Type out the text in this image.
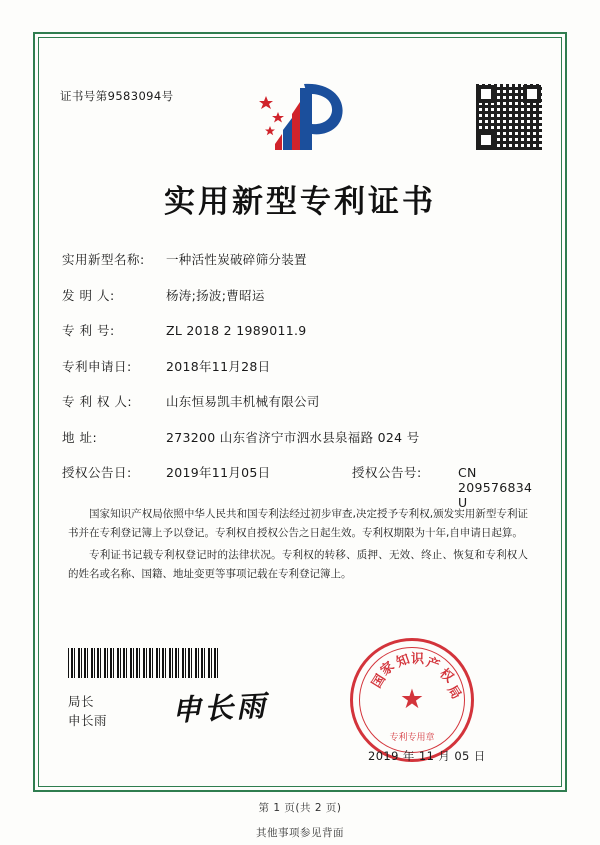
证书号第9583094号
实用新型专利证书
实用新型名称:	一种活性炭破碎筛分装置
发 明 人:	杨涛;扬波;曹昭运
专 利 号:	ZL 2018 2 1989011.9
专利申请日:	2018年11月28日
专 利 权 人:	山东恒易凯丰机械有限公司
地 址:	273200 山东省济宁市泗水县泉福路 024 号
授权公告日:	2019年11月05日	授权公告号:	CN 209576834 U

国家知识产权局依照中华人民共和国专利法经过初步审查,决定授予专利权,颁发实用新型专利证书并在专利登记簿上予以登记。专利权自授权公告之日起生效。专利权期限为十年,自申请日起算。

专利证书记载专利权登记时的法律状况。专利权的转移、质押、无效、终止、恢复和专利权人的姓名或名称、国籍、地址变更等事项记载在专利登记簿上。

局长
申长雨 申长雨	★
国
家
知 识 产
权
局
专利专用章
2019 年 11 月 05 日
第 1 页(共 2 页)
其他事项参见背面
